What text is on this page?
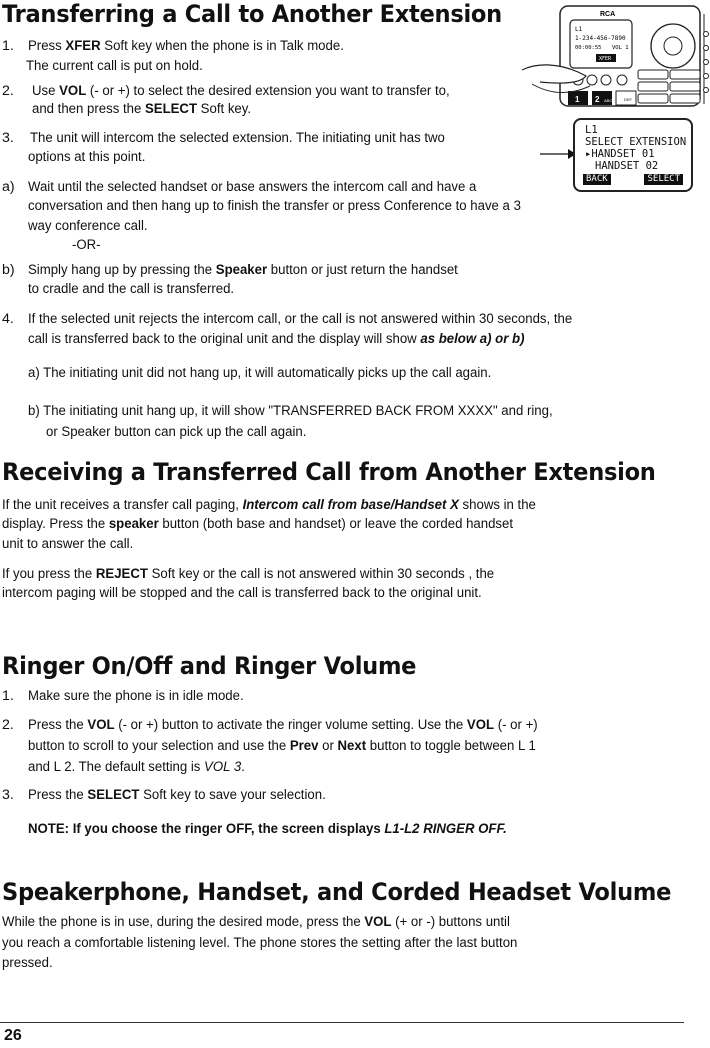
Transferring a Call to Another Extension
1. Press XFER Soft key when the phone is in Talk mode.

The current call is put on hold.

2. Use VOL (- or +) to select the desired extension you want to transfer to,

and then press the SELECT Soft key.

3. The unit will intercom the selected extension. The initiating unit has two

options at this point.

a) Wait until the selected handset or base answers the intercom call and have a

conversation and then hang up to finish the transfer or press Conference to have a 3

way conference call.

-OR-

b) Simply hang up by pressing the Speaker button or just return the handset

to cradle and the call is transferred.

4. If the selected unit rejects the intercom call, or the call is not answered within 30 seconds, the

call is transferred back to the original unit and the display will show as below a) or b)

a) The initiating unit did not hang up, it will automatically picks up the call again.

b) The initiating unit hang up, it will show "TRANSFERRED BACK FROM XXXX" and ring,

or Speaker button can pick up the call again.

RCA
L1
1-234-456-7890
00:00:55 VOL 1
XFER
1 2 ABC	DEF
L1
SELECT EXTENSION
▸HANDSET 01
HANDSET 02
BACK	SELECT
Receiving a Transferred Call from Another Extension

If the unit receives a transfer call paging, Intercom call from base/Handset X shows in the

display. Press the speaker button (both base and handset) or leave the corded handset

unit to answer the call.

If you press the REJECT Soft key or the call is not answered within 30 seconds , the

intercom paging will be stopped and the call is transferred back to the original unit.

Ringer On/Off and Ringer Volume
1. Make sure the phone is in idle mode.

2. Press the VOL (- or +) button to activate the ringer volume setting. Use the VOL (- or +)

button to scroll to your selection and use the Prev or Next button to toggle between L 1

and L 2. The default setting is VOL 3.

3. Press the SELECT Soft key to save your selection.

NOTE: If you choose the ringer OFF, the screen displays L1-L2 RINGER OFF.

Speakerphone, Handset, and Corded Headset Volume

While the phone is in use, during the desired mode, press the VOL (+ or -) buttons until

you reach a comfortable listening level. The phone stores the setting after the last button

pressed.

26
